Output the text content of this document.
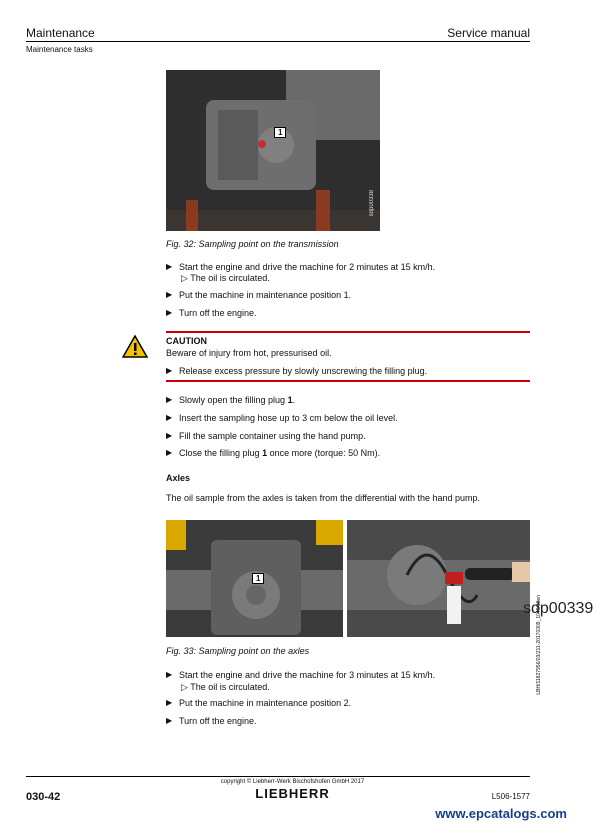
Maintenance	Service manual
Maintenance tasks
1
sdp00338
Fig. 32: Sampling point on the transmission
▶ Start the engine and drive the machine for 2 minutes at 15 km/h.
▷ The oil is circulated.
▶ Put the machine in maintenance position 1.
▶ Turn off the engine.
CAUTION
Beware of injury from hot, pressurised oil.
▶ Release excess pressure by slowly unscrewing the filling plug.
▶ Slowly open the filling plug 1.
▶ Insert the sampling hose up to 3 cm below the oil level.
▶ Fill the sample container using the hand pump.
▶ Close the filling plug 1 once more (torque: 50 Nm).
Axles
The oil sample from the axles is taken from the differential with the hand pump.
1
sdp00339
Fig. 33: Sampling point on the axles
▶ Start the engine and drive the machine for 3 minutes at 15 km/h.
▷ The oil is circulated.
▶ Put the machine in maintenance position 2.
▶ Turn off the engine.
LBH/11827956/03/211-20170309_1045/10en
copyright © Liebherr-Werk Bischofshofen GmbH 2017
030-42	LIEBHERR	L506-1577
www.epcatalogs.com
